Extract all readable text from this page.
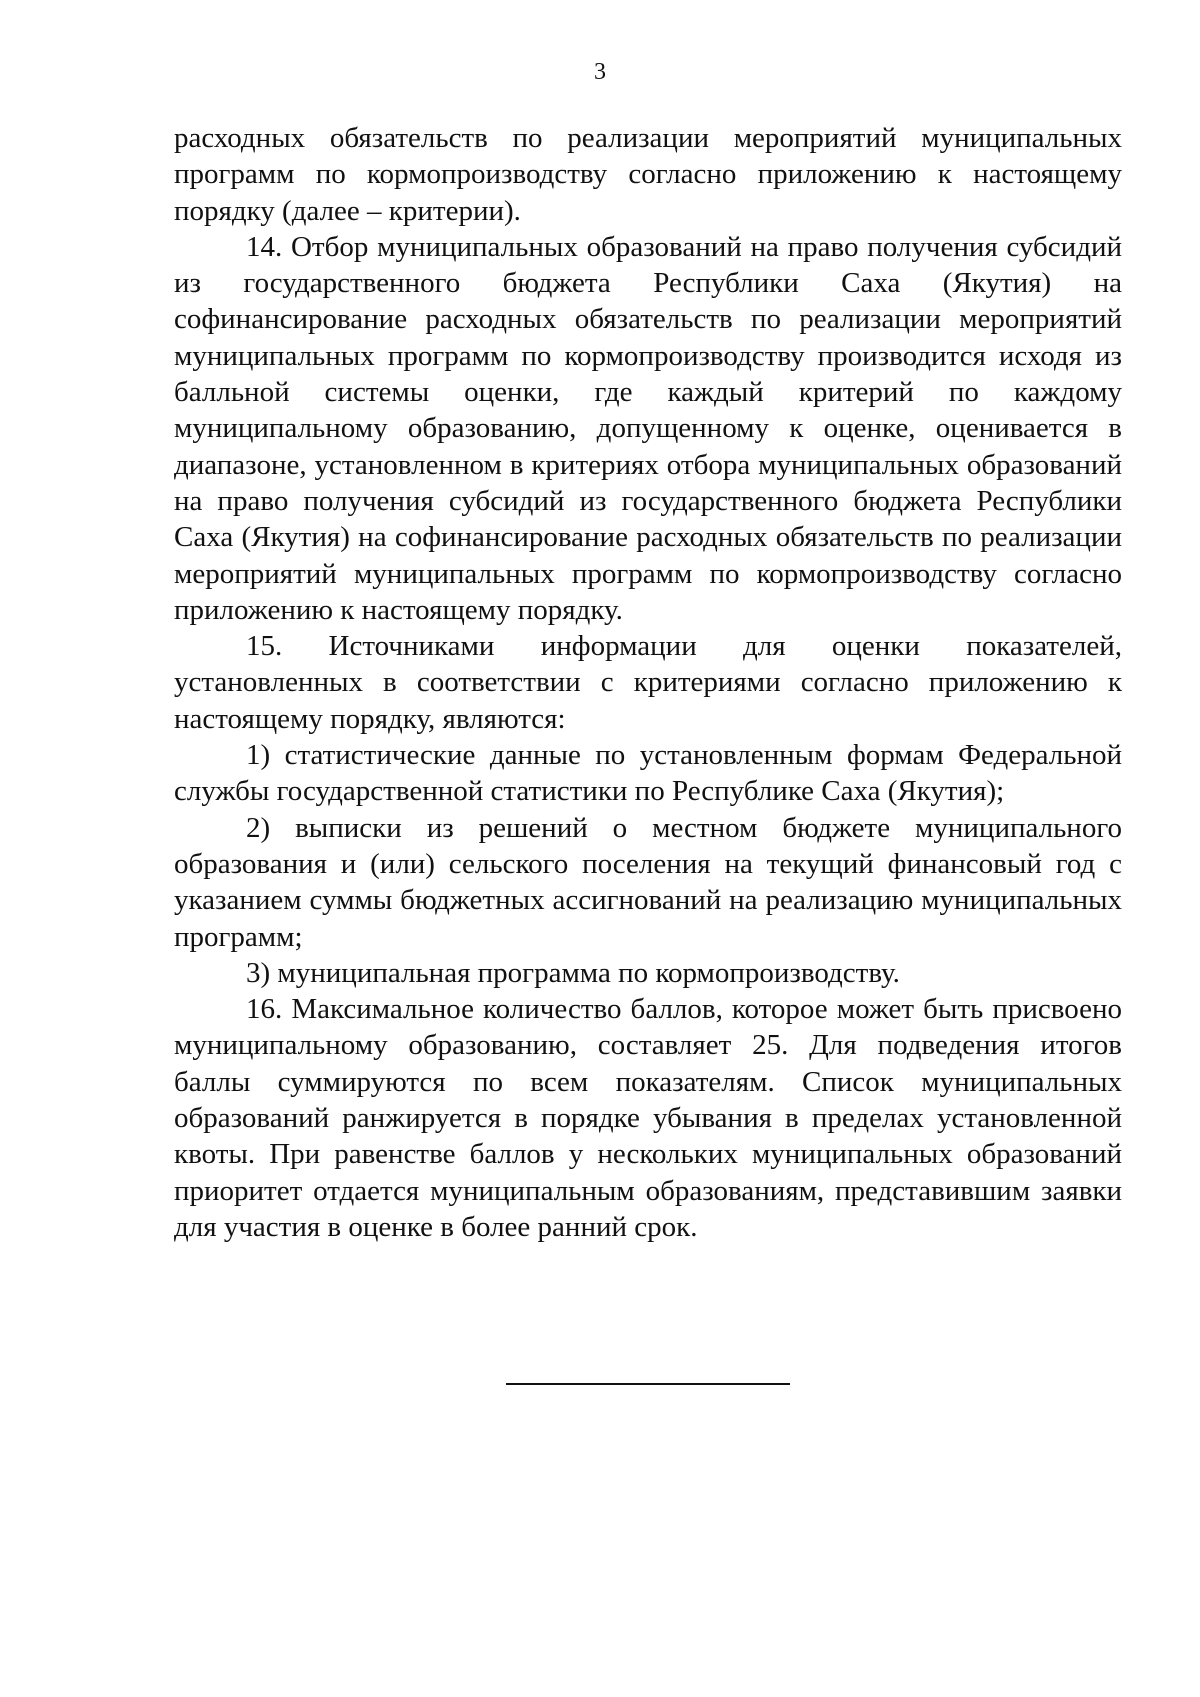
3

расходных обязательств по реализации мероприятий муниципальных программ по кормопроизводству согласно приложению к настоящему порядку (далее – критерии).

14. Отбор муниципальных образований на право получения субсидий из государственного бюджета Республики Саха (Якутия) на софинансирование расходных обязательств по реализации мероприятий муниципальных программ по кормопроизводству производится исходя из балльной системы оценки, где каждый критерий по каждому муниципальному образованию, допущенному к оценке, оценивается в диапазоне, установленном в критериях отбора муниципальных образований на право получения субсидий из государственного бюджета Республики Саха (Якутия) на софинансирование расходных обязательств по реализации мероприятий муниципальных программ по кормопроизводству согласно приложению к настоящему порядку.

15. Источниками информации для оценки показателей, установленных в соответствии с критериями согласно приложению к настоящему порядку, являются:

1) статистические данные по установленным формам Федеральной службы государственной статистики по Республике Саха (Якутия);

2) выписки из решений о местном бюджете муниципального образования и (или) сельского поселения на текущий финансовый год с указанием суммы бюджетных ассигнований на реализацию муниципальных программ;

3) муниципальная программа по кормопроизводству.

16. Максимальное количество баллов, которое может быть присвоено муниципальному образованию, составляет 25. Для подведения итогов баллы суммируются по всем показателям. Список муниципальных образований ранжируется в порядке убывания в пределах установленной квоты. При равенстве баллов у нескольких муниципальных образований приоритет отдается муниципальным образованиям, представившим заявки для участия в оценке в более ранний срок.
